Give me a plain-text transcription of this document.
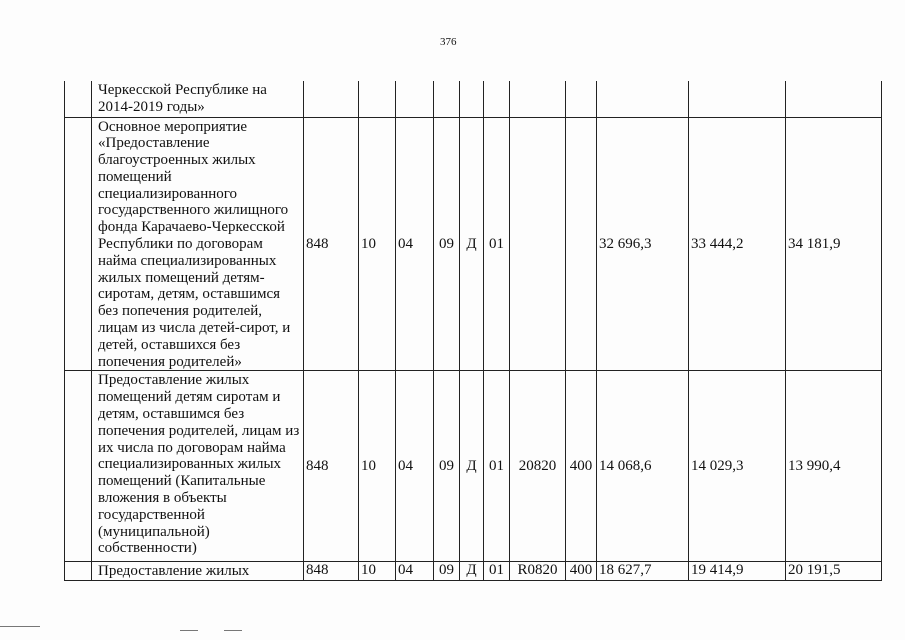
376
	Черкесской Республике на 2014-2019 годы»											
	Основное мероприятие «Предоставление благоустроенных жилых помещений специализированного государственного жилищного фонда Карачаево-Черкесской Республики по договорам найма специализированных жилых помещений детям-сиротам, детям, оставшимся без попечения родителей, лицам из числа детей-сирот, и детей, оставшихся без попечения родителей»	848	10	04	09	Д	01			32 696,3	33 444,2	34 181,9
	Предоставление жилых помещений детям сиротам и детям, оставшимся без попечения родителей, лицам из их числа по договорам найма специализированных жилых помещений (Капитальные вложения в объекты государственной (муниципальной) собственности)	848	10	04	09	Д	01	20820	400	14 068,6	14 029,3	13 990,4
	Предоставление жилых	848	10	04	09	Д	01	R0820	400	18 627,7	19 414,9	20 191,5
